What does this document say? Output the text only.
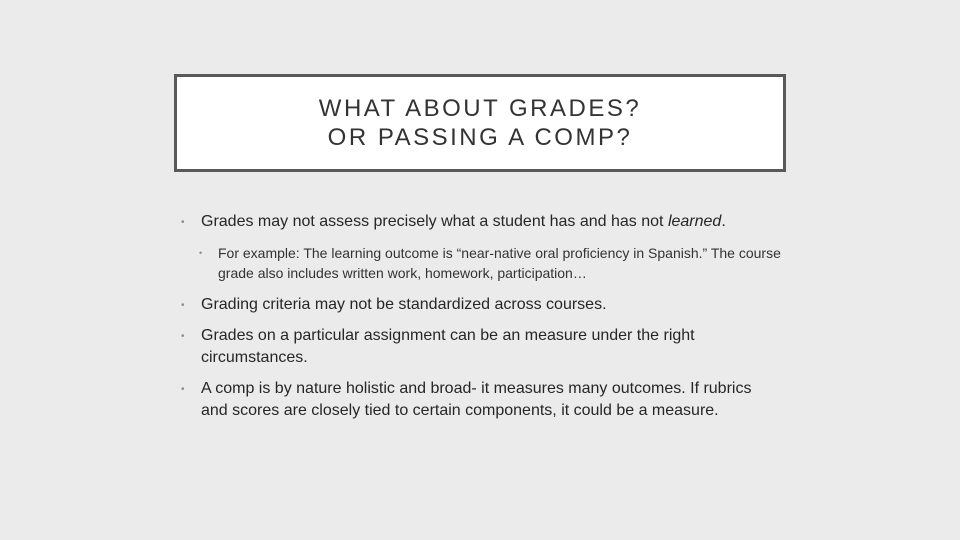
WHAT ABOUT GRADES?
OR PASSING A COMP?
• Grades may not assess precisely what a student has and has not learned.
• For example: The learning outcome is “near-native oral proficiency in Spanish.” The course grade also includes written work, homework, participation…
• Grading criteria may not be standardized across courses.
• Grades on a particular assignment can be an measure under the right circumstances.
• A comp is by nature holistic and broad- it measures many outcomes. If rubrics and scores are closely tied to certain components, it could be a measure.
